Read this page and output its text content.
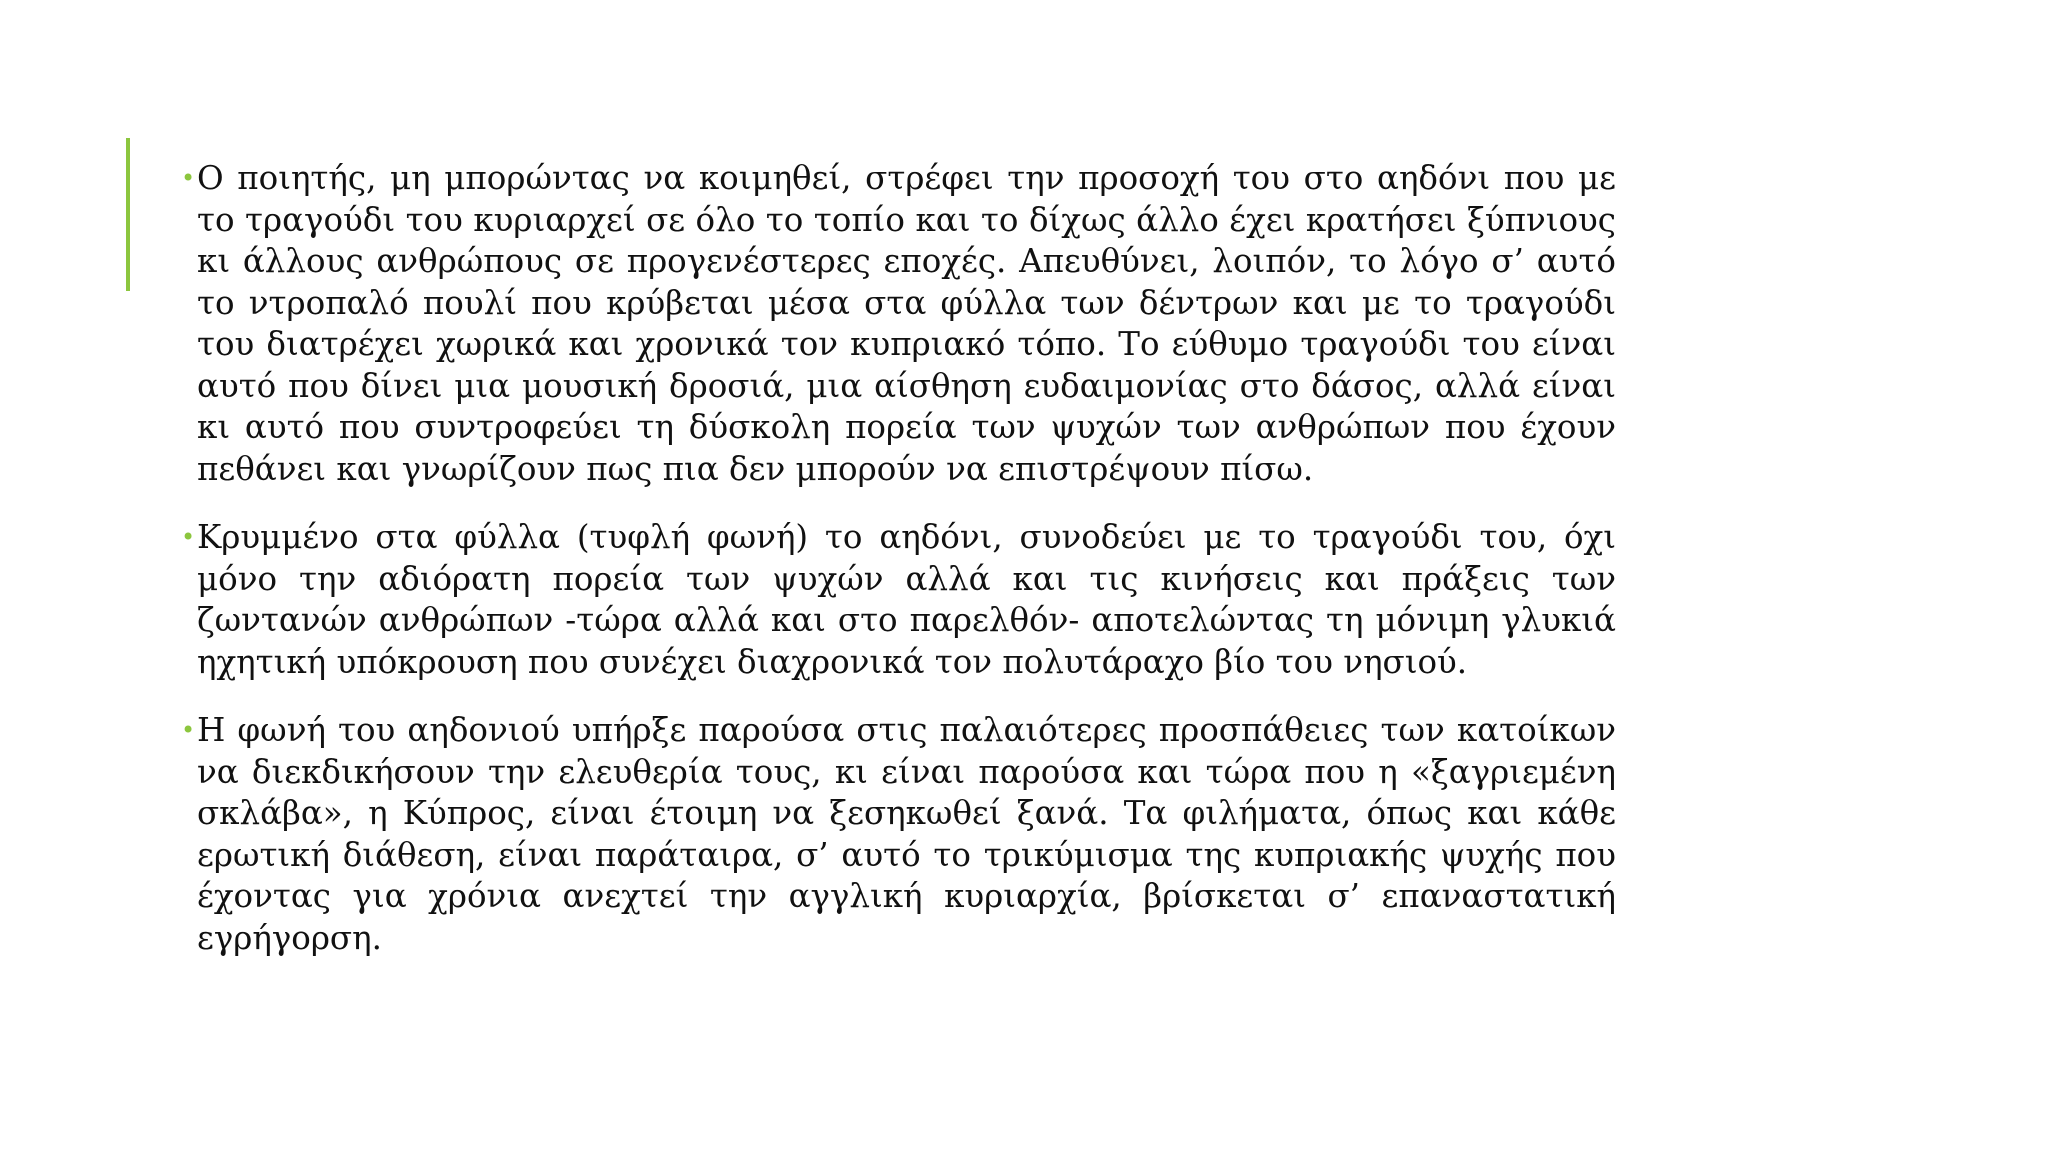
• Ο ποιητής, μη μπορώντας να κοιμηθεί, στρέφει την προσοχή του στο αηδόνι που με το τραγούδι του κυριαρχεί σε όλο το τοπίο και το δίχως άλλο έχει κρατήσει ξύπνιους κι άλλους ανθρώπους σε προγενέστερες εποχές. Απευθύνει, λοιπόν, το λόγο σ’ αυτό το ντροπαλό πουλί που κρύβεται μέσα στα φύλλα των δέντρων και με το τραγούδι του διατρέχει χωρικά και χρονικά τον κυπριακό τόπο. Το εύθυμο τραγούδι του είναι αυτό που δίνει μια μουσική δροσιά, μια αίσθηση ευδαιμονίας στο δάσος, αλλά είναι κι αυτό που συντροφεύει τη δύσκολη πορεία των ψυχών των ανθρώπων που έχουν πεθάνει και γνωρίζουν πως πια δεν μπορούν να επιστρέψουν πίσω.

• Κρυμμένο στα φύλλα (τυφλή φωνή) το αηδόνι, συνοδεύει με το τραγούδι του, όχι μόνο την αδιόρατη πορεία των ψυχών αλλά και τις κινήσεις και πράξεις των ζωντανών ανθρώπων -τώρα αλλά και στο παρελθόν- αποτελώντας τη μόνιμη γλυκιά ηχητική υπόκρουση που συνέχει διαχρονικά τον πολυτάραχο βίο του νησιού.

• Η φωνή του αηδονιού υπήρξε παρούσα στις παλαιότερες προσπάθειες των κατοίκων να διεκδικήσουν την ελευθερία τους, κι είναι παρούσα και τώρα που η «ξαγριεμένη σκλάβα», η Κύπρος, είναι έτοιμη να ξεσηκωθεί ξανά. Τα φιλήματα, όπως και κάθε ερωτική διάθεση, είναι παράταιρα, σ’ αυτό το τρικύμισμα της κυπριακής ψυχής που έχοντας για χρόνια ανεχτεί την αγγλική κυριαρχία, βρίσκεται σ’ επαναστατική εγρήγορση.
